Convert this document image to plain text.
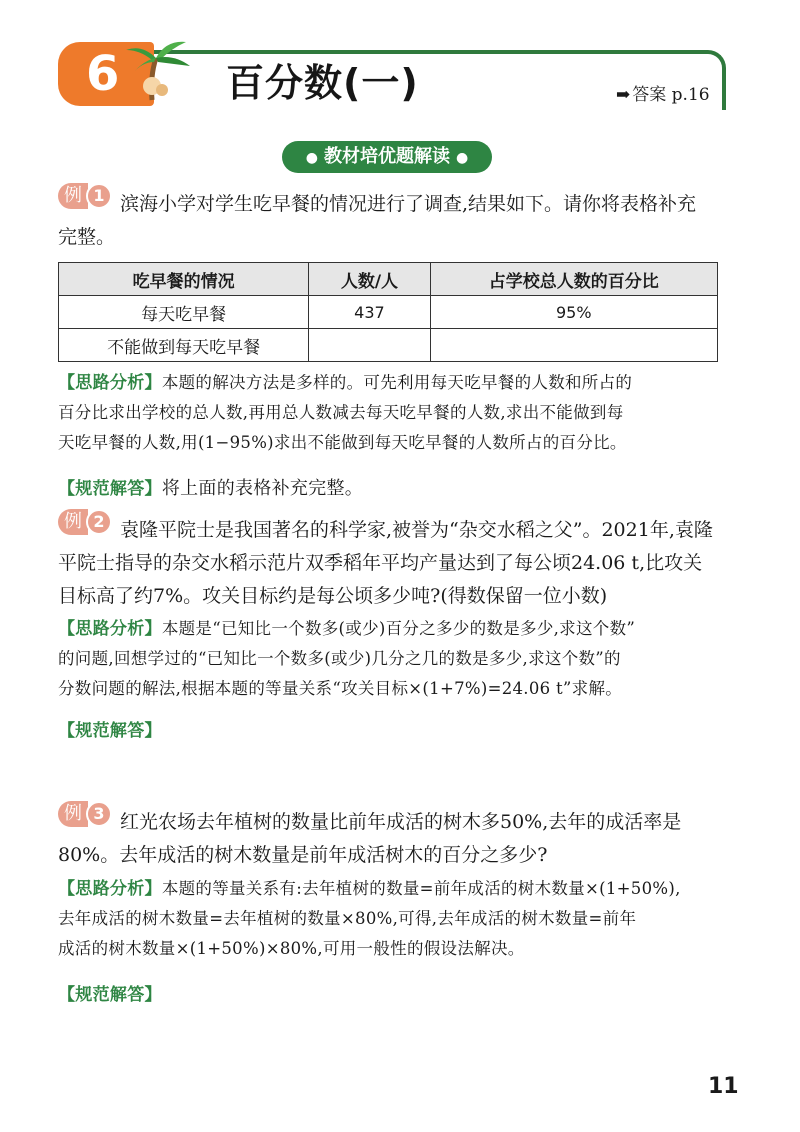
6	百分数(一)	➡ 答案 p.16
● 教材培优题解读 ●

例 1 滨海小学对学生吃早餐的情况进行了调查,结果如下。请你将表格补充
完整。

吃早餐的情况	人数/人	占学校总人数的百分比
每天吃早餐	437	95%
不能做到每天吃早餐		

【思路分析】本题的解决方法是多样的。可先利用每天吃早餐的人数和所占的
百分比求出学校的总人数,再用总人数减去每天吃早餐的人数,求出不能做到每
天吃早餐的人数,用(1−95%)求出不能做到每天吃早餐的人数所占的百分比。

【规范解答】将上面的表格补充完整。

例 2 袁隆平院士是我国著名的科学家,被誉为“杂交水稻之父”。2021年,袁隆
平院士指导的杂交水稻示范片双季稻年平均产量达到了每公顷24.06 t,比攻关
目标高了约7%。攻关目标约是每公顷多少吨?(得数保留一位小数)

【思路分析】本题是“已知比一个数多(或少)百分之多少的数是多少,求这个数”
的问题,回想学过的“已知比一个数多(或少)几分之几的数是多少,求这个数”的
分数问题的解法,根据本题的等量关系“攻关目标×(1+7%)=24.06 t”求解。

【规范解答】

例 3 红光农场去年植树的数量比前年成活的树木多50%,去年的成活率是
80%。去年成活的树木数量是前年成活树木的百分之多少?

【思路分析】本题的等量关系有:去年植树的数量=前年成活的树木数量×(1+50%),
去年成活的树木数量=去年植树的数量×80%,可得,去年成活的树木数量=前年
成活的树木数量×(1+50%)×80%,可用一般性的假设法解决。

【规范解答】

11
